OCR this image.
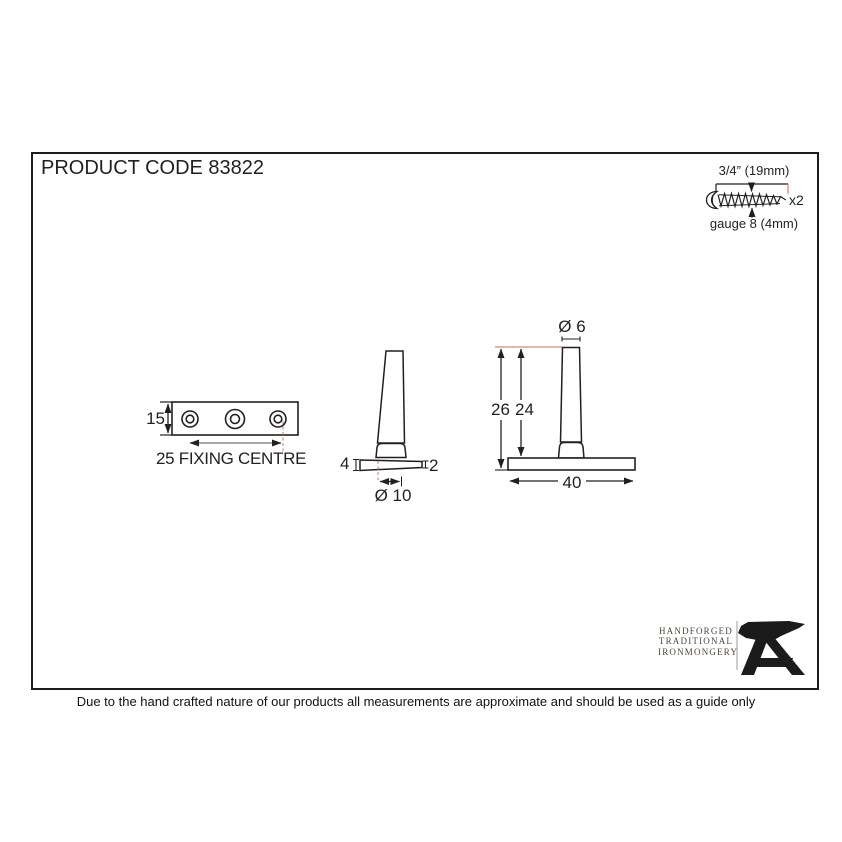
PRODUCT CODE 83822	3/4” (19mm)
x2
gauge 8 (4mm)
15
25 FIXING CENTRE 4	2
Ø 10
Ø 6
26 24
40
HANDFORGED
TRADITIONAL
IRONMONGERY
Due to the hand crafted nature of our products all measurements are approximate and should be used as a guide only
